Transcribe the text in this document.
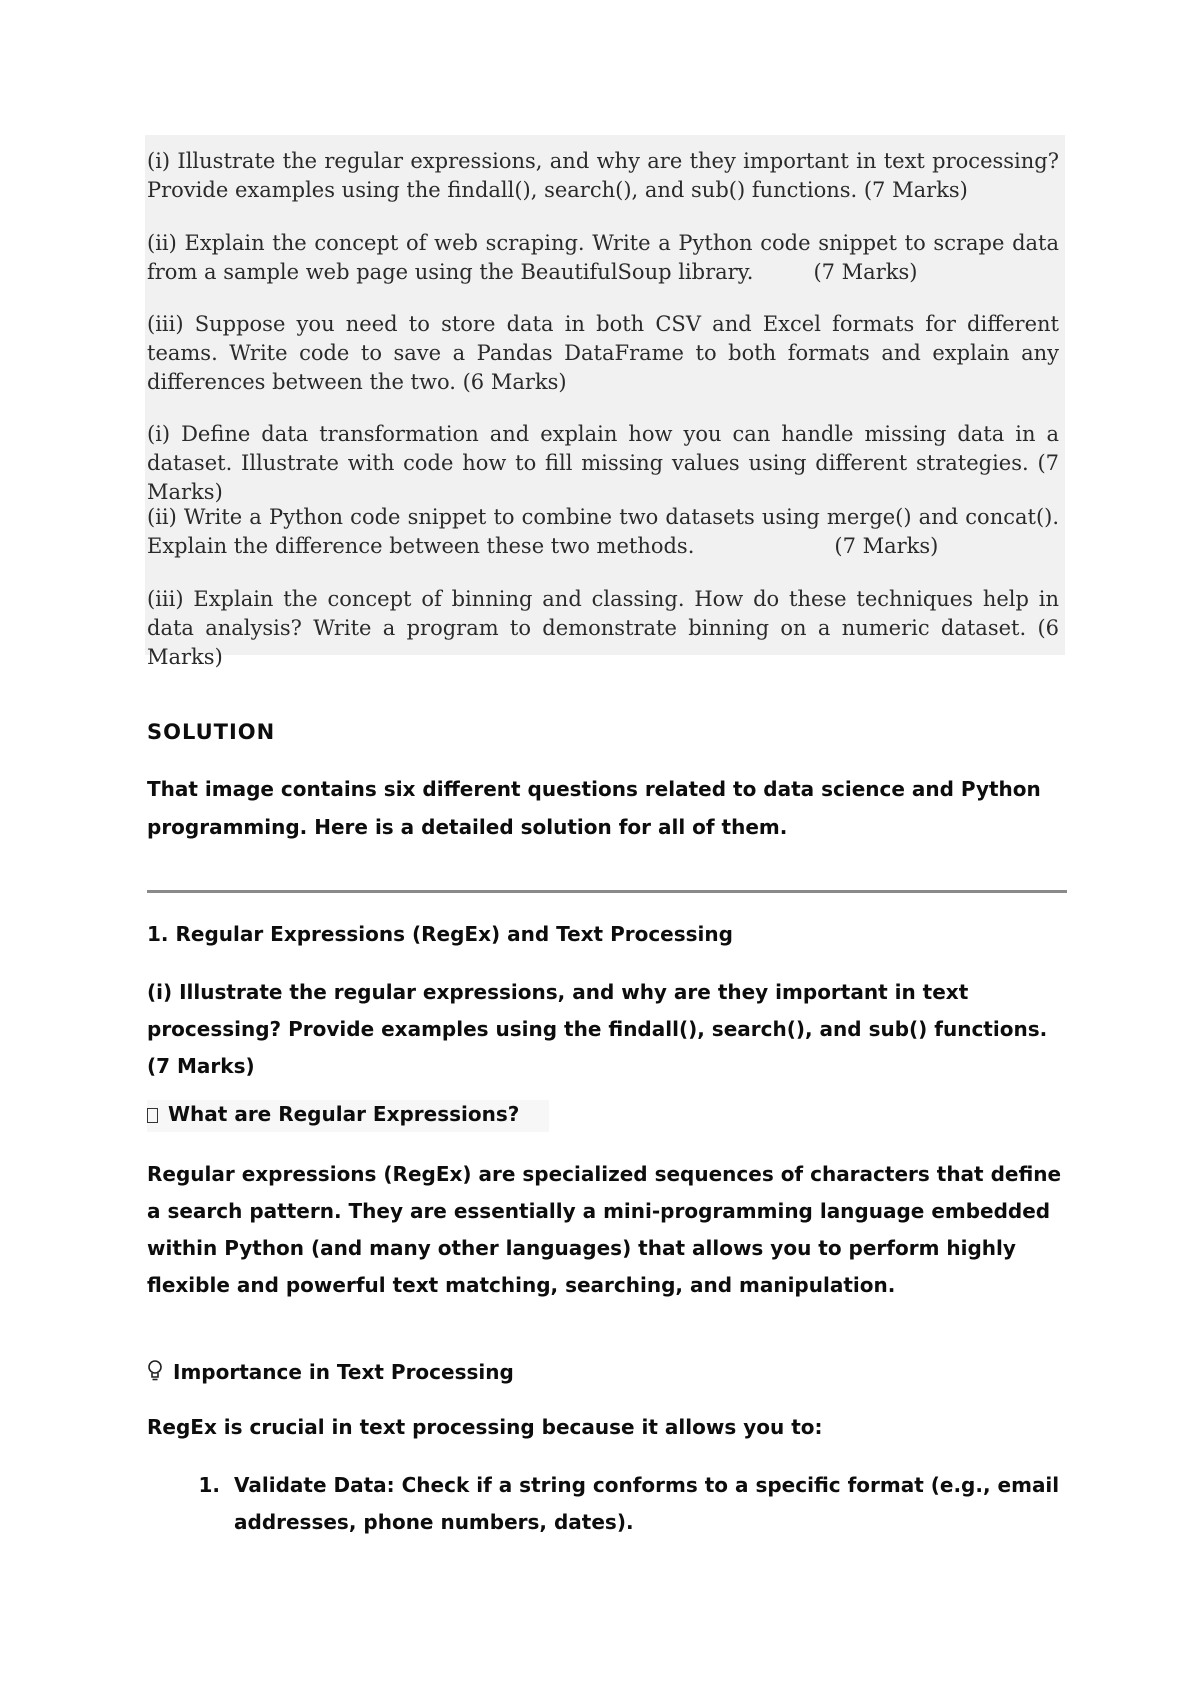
(i) Illustrate the regular expressions, and why are they important in text processing? Provide examples using the findall(), search(), and sub() functions. (7 Marks)

(ii) Explain the concept of web scraping. Write a Python code snippet to scrape data from a sample web page using the BeautifulSoup library.	(7 Marks)

(iii) Suppose you need to store data in both CSV and Excel formats for different teams. Write code to save a Pandas DataFrame to both formats and explain any differences between the two. (6 Marks)

(i) Define data transformation and explain how you can handle missing data in a dataset. Illustrate with code how to fill missing values using different strategies. (7 Marks)

(ii) Write a Python code snippet to combine two datasets using merge() and concat(). Explain the difference between these two methods.	(7 Marks)

(iii) Explain the concept of binning and classing. How do these techniques help in data analysis? Write a program to demonstrate binning on a numeric dataset. (6 Marks)

SOLUTION
That image contains six different questions related to data science and Python programming. Here is a detailed solution for all of them.
1. Regular Expressions (RegEx) and Text Processing
(i) Illustrate the regular expressions, and why are they important in text processing? Provide examples using the findall(), search(), and sub() functions. (7 Marks)
What are Regular Expressions?
Regular expressions (RegEx) are specialized sequences of characters that define a search pattern. They are essentially a mini-programming language embedded within Python (and many other languages) that allows you to perform highly flexible and powerful text matching, searching, and manipulation.
Importance in Text Processing
RegEx is crucial in text processing because it allows you to:
1. Validate Data: Check if a string conforms to a specific format (e.g., email addresses, phone numbers, dates).
